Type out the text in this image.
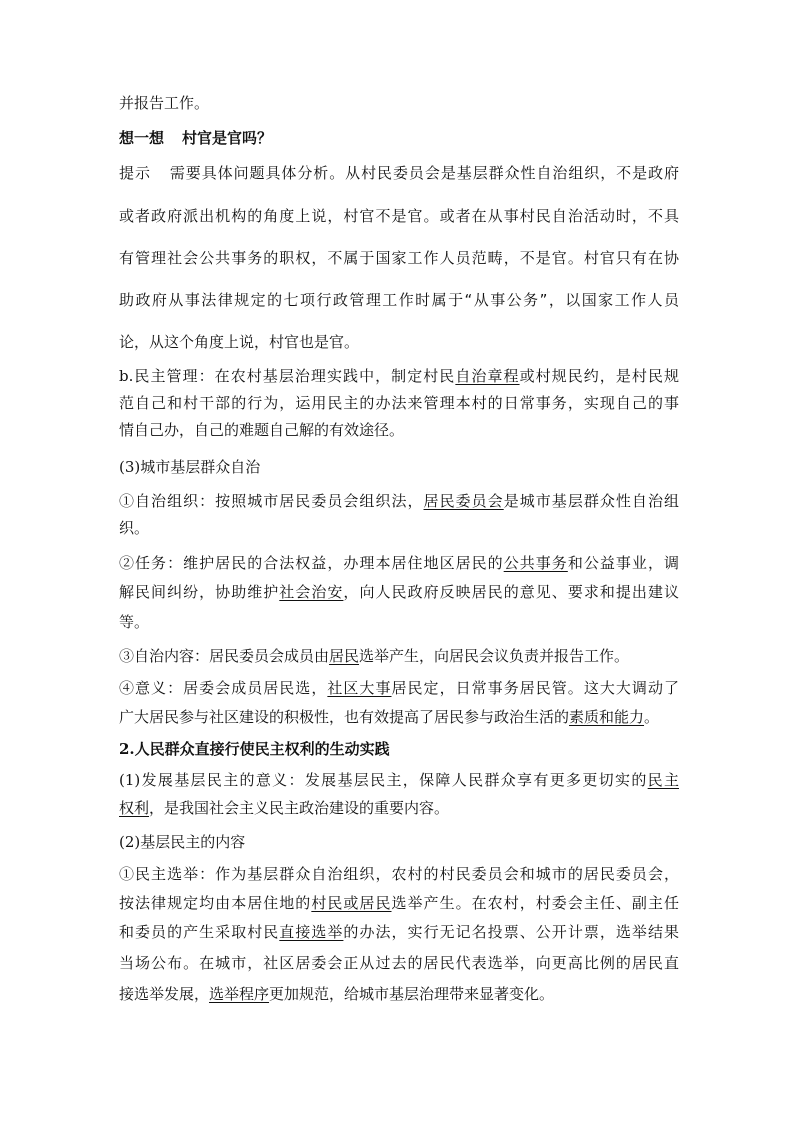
并报告工作。
想一想 村官是官吗？
提示 需要具体问题具体分析。从村民委员会是基层群众性自治组织，不是政府
或者政府派出机构的角度上说，村官不是官。或者在从事村民自治活动时，不具
有管理社会公共事务的职权，不属于国家工作人员范畴，不是官。村官只有在协
助政府从事法律规定的七项行政管理工作时属于“从事公务”，以国家工作人员
论，从这个角度上说，村官也是官。
b.民主管理：在农村基层治理实践中，制定村民自治章程或村规民约，是村民规
范自己和村干部的行为，运用民主的办法来管理本村的日常事务，实现自己的事
情自己办，自己的难题自己解的有效途径。
(3)城市基层群众自治
①自治组织：按照城市居民委员会组织法，居民委员会是城市基层群众性自治组
织。
②任务：维护居民的合法权益，办理本居住地区居民的公共事务和公益事业，调
解民间纠纷，协助维护社会治安，向人民政府反映居民的意见、要求和提出建议
等。
③自治内容：居民委员会成员由居民选举产生，向居民会议负责并报告工作。
④意义：居委会成员居民选，社区大事居民定，日常事务居民管。这大大调动了
广大居民参与社区建设的积极性，也有效提高了居民参与政治生活的素质和能力。
2.人民群众直接行使民主权利的生动实践
(1)发展基层民主的意义：发展基层民主，保障人民群众享有更多更切实的民主
权利，是我国社会主义民主政治建设的重要内容。
(2)基层民主的内容
①民主选举：作为基层群众自治组织，农村的村民委员会和城市的居民委员会，
按法律规定均由本居住地的村民或居民选举产生。在农村，村委会主任、副主任
和委员的产生采取村民直接选举的办法，实行无记名投票、公开计票，选举结果
当场公布。在城市，社区居委会正从过去的居民代表选举，向更高比例的居民直
接选举发展，选举程序更加规范，给城市基层治理带来显著变化。
